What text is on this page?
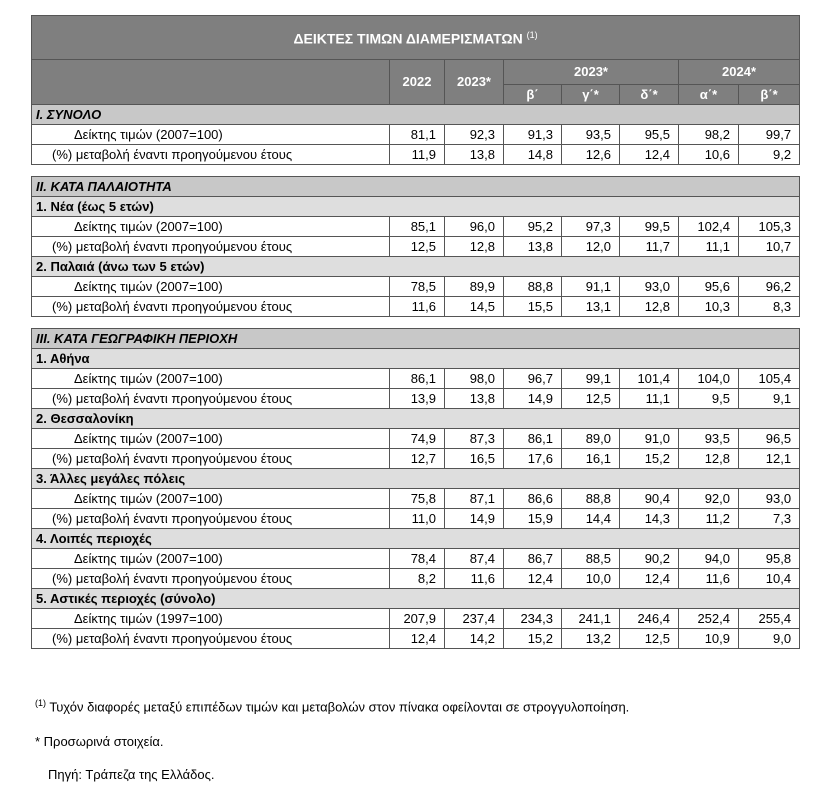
ΔΕΙΚΤΕΣ ΤΙΜΩΝ ΔΙΑΜΕΡΙΣΜΑΤΩΝ $^{(1)}$
	2022	2023*	2023*			2024*	
			β΄	γ΄*	δ΄*	α΄*	β΄*
I. ΣΥΝΟΛΟ							
Δείκτης τιμών (2007=100)	81,1	92,3	91,3	93,5	95,5	98,2	99,7
(%) μεταβολή έναντι προηγούμενου έτους	11,9	13,8	14,8	12,6	12,4	10,6	9,2

II. ΚΑΤΑ ΠΑΛΑΙΟΤΗΤΑ							
1. Νέα (έως 5 ετών)							
Δείκτης τιμών (2007=100)	85,1	96,0	95,2	97,3	99,5	102,4	105,3
(%) μεταβολή έναντι προηγούμενου έτους	12,5	12,8	13,8	12,0	11,7	11,1	10,7
2. Παλαιά (άνω των 5 ετών)							
Δείκτης τιμών (2007=100)	78,5	89,9	88,8	91,1	93,0	95,6	96,2
(%) μεταβολή έναντι προηγούμενου έτους	11,6	14,5	15,5	13,1	12,8	10,3	8,3

III. ΚΑΤΑ ΓΕΩΓΡΑΦΙΚΗ ΠΕΡΙΟΧΗ							
1. Αθήνα							
Δείκτης τιμών (2007=100)	86,1	98,0	96,7	99,1	101,4	104,0	105,4
(%) μεταβολή έναντι προηγούμενου έτους	13,9	13,8	14,9	12,5	11,1	9,5	9,1
2. Θεσσαλονίκη							
Δείκτης τιμών (2007=100)	74,9	87,3	86,1	89,0	91,0	93,5	96,5
(%) μεταβολή έναντι προηγούμενου έτους	12,7	16,5	17,6	16,1	15,2	12,8	12,1
3. Άλλες μεγάλες πόλεις							
Δείκτης τιμών (2007=100)	75,8	87,1	86,6	88,8	90,4	92,0	93,0
(%) μεταβολή έναντι προηγούμενου έτους	11,0	14,9	15,9	14,4	14,3	11,2	7,3
4. Λοιπές περιοχές							
Δείκτης τιμών (2007=100)	78,4	87,4	86,7	88,5	90,2	94,0	95,8
(%) μεταβολή έναντι προηγούμενου έτους	8,2	11,6	12,4	10,0	12,4	11,6	10,4
5. Αστικές περιοχές (σύνολο)							
Δείκτης τιμών (1997=100)	207,9	237,4	234,3	241,1	246,4	252,4	255,4
(%) μεταβολή έναντι προηγούμενου έτους	12,4	14,2	15,2	13,2	12,5	10,9	9,0
$^{(1)}$ Τυχόν διαφορές μεταξύ επιπέδων τιμών και μεταβολών στον πίνακα οφείλονται σε στρογγυλοποίηση.
* Προσωρινά στοιχεία.
Πηγή: Τράπεζα της Ελλάδος.
